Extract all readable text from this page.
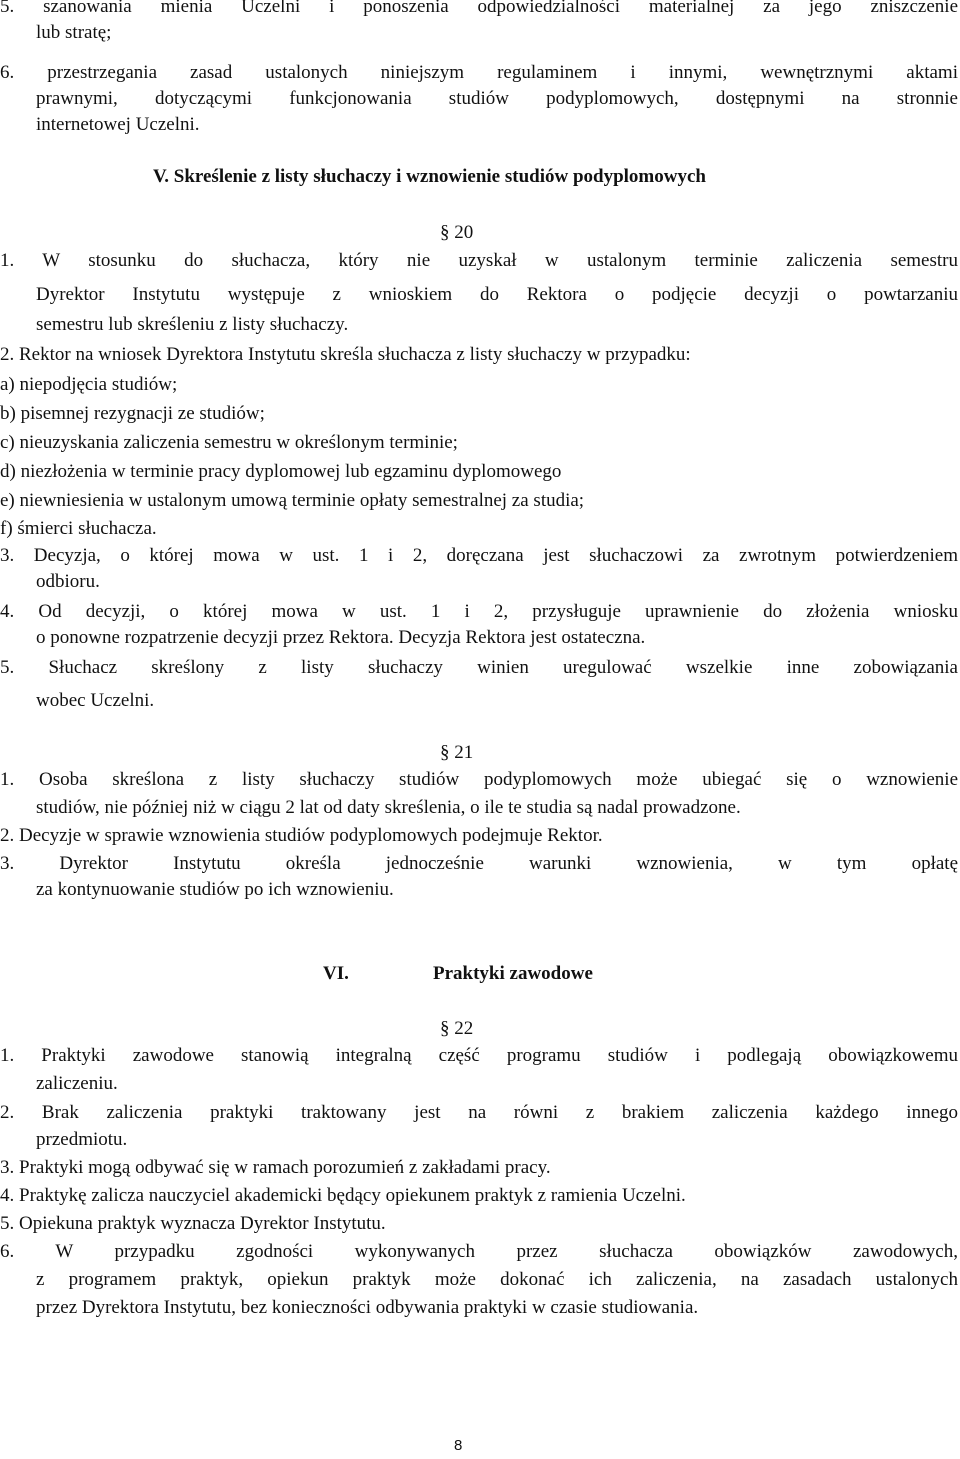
5. szanowania mienia Uczelni i ponoszenia odpowiedzialności materialnej za jego zniszczenie

lub stratę;

6. przestrzegania zasad ustalonych niniejszym regulaminem i innymi, wewnętrznymi aktami

prawnymi, dotyczącymi funkcjonowania studiów podyplomowych, dostępnymi na stronnie

internetowej Uczelni.

V. Skreślenie z listy słuchaczy i wznowienie studiów podyplomowych

§ 20

1. W stosunku do słuchacza, który nie uzyskał w ustalonym terminie zaliczenia semestru

Dyrektor Instytutu występuje z wnioskiem do Rektora o podjęcie decyzji o powtarzaniu

semestru lub skreśleniu z listy słuchaczy.

2. Rektor na wniosek Dyrektora Instytutu skreśla słuchacza z listy słuchaczy w przypadku:

a) niepodjęcia studiów;

b) pisemnej rezygnacji ze studiów;

c) nieuzyskania zaliczenia semestru w określonym terminie;

d) niezłożenia w terminie pracy dyplomowej lub egzaminu dyplomowego

e) niewniesienia w ustalonym umową terminie opłaty semestralnej za studia;

f) śmierci słuchacza.

3. Decyzja, o której mowa w ust. 1 i 2, doręczana jest słuchaczowi za zwrotnym potwierdzeniem

odbioru.

4. Od decyzji, o której mowa w ust. 1 i 2, przysługuje uprawnienie do złożenia wniosku

o ponowne rozpatrzenie decyzji przez Rektora. Decyzja Rektora jest ostateczna.

5. Słuchacz skreślony z listy słuchaczy winien uregulować wszelkie inne zobowiązania

wobec Uczelni.

§ 21

1. Osoba skreślona z listy słuchaczy studiów podyplomowych może ubiegać się o wznowienie

studiów, nie później niż w ciągu 2 lat od daty skreślenia, o ile te studia są nadal prowadzone.

2. Decyzje w sprawie wznowienia studiów podyplomowych podejmuje Rektor.

3. Dyrektor Instytutu określa jednocześnie warunki wznowienia, w tym opłatę

za kontynuowanie studiów po ich wznowieniu.

VI.	Praktyki zawodowe

§ 22

1. Praktyki zawodowe stanowią integralną część programu studiów i podlegają obowiązkowemu

zaliczeniu.

2. Brak zaliczenia praktyki traktowany jest na równi z brakiem zaliczenia każdego innego

przedmiotu.

3. Praktyki mogą odbywać się w ramach porozumień z zakładami pracy.

4. Praktykę zalicza nauczyciel akademicki będący opiekunem praktyk z ramienia Uczelni.

5. Opiekuna praktyk wyznacza Dyrektor Instytutu.

6. W przypadku zgodności wykonywanych przez słuchacza obowiązków zawodowych,

z programem praktyk, opiekun praktyk może dokonać ich zaliczenia, na zasadach ustalonych

przez Dyrektora Instytutu, bez konieczności odbywania praktyki w czasie studiowania.

8
